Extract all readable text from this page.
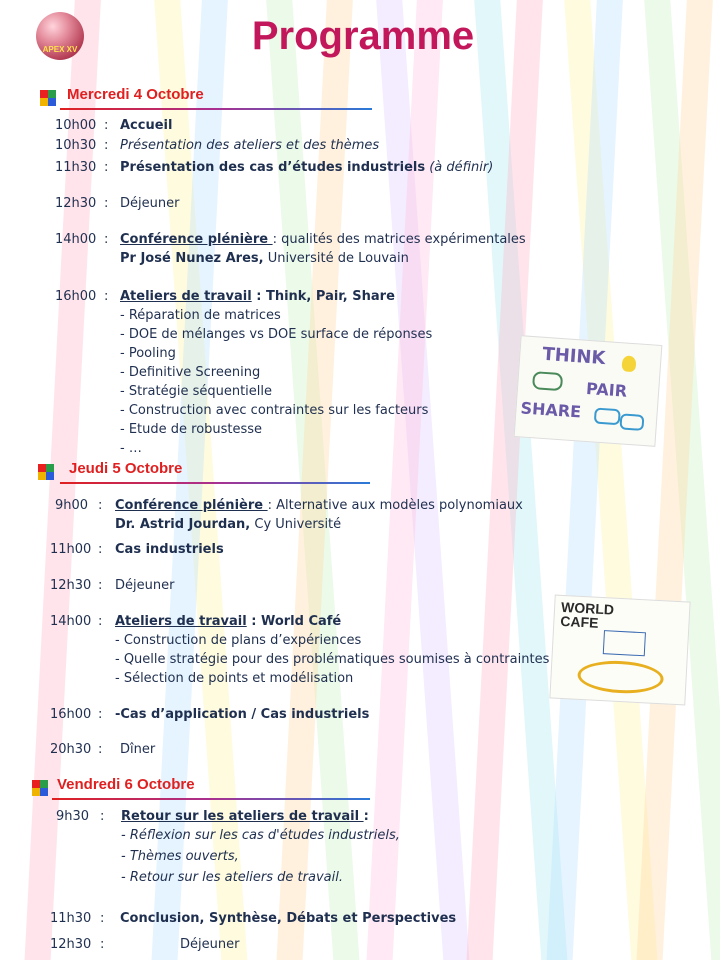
APEX XV	Programme
Mercredi 4 Octobre
10h00 : Accueil
10h30 : Présentation des ateliers et des thèmes
11h30 : Présentation des cas d’études industriels (à définir)
12h30 : Déjeuner
14h00 : Conférence plénière : qualités des matrices expérimentales
Pr José Nunez Ares, Université de Louvain
16h00 : Ateliers de travail : Think, Pair, Share
- Réparation de matrices
- DOE de mélanges vs DOE surface de réponses
- Pooling
- Definitive Screening
- Stratégie séquentielle
- Construction avec contraintes sur les facteurs
- Etude de robustesse
- …
THINK
PAIR
SHARE
Jeudi 5 Octobre
9h00 : Conférence plénière : Alternative aux modèles polynomiaux
Dr. Astrid Jourdan, Cy Université
11h00 : Cas industriels
12h30 : Déjeuner
14h00 : Ateliers de travail : World Café
- Construction de plans d’expériences
- Quelle stratégie pour des problématiques soumises à contraintes
- Sélection de points et modélisation
16h00 : -Cas d’application / Cas industriels
20h30 : Dîner
WORLD
CAFE
Vendredi 6 Octobre
9h30 : Retour sur les ateliers de travail :
- Réflexion sur les cas d'études industriels,
- Thèmes ouverts,
- Retour sur les ateliers de travail.
11h30 : Conclusion, Synthèse, Débats et Perspectives
12h30 :	Déjeuner
